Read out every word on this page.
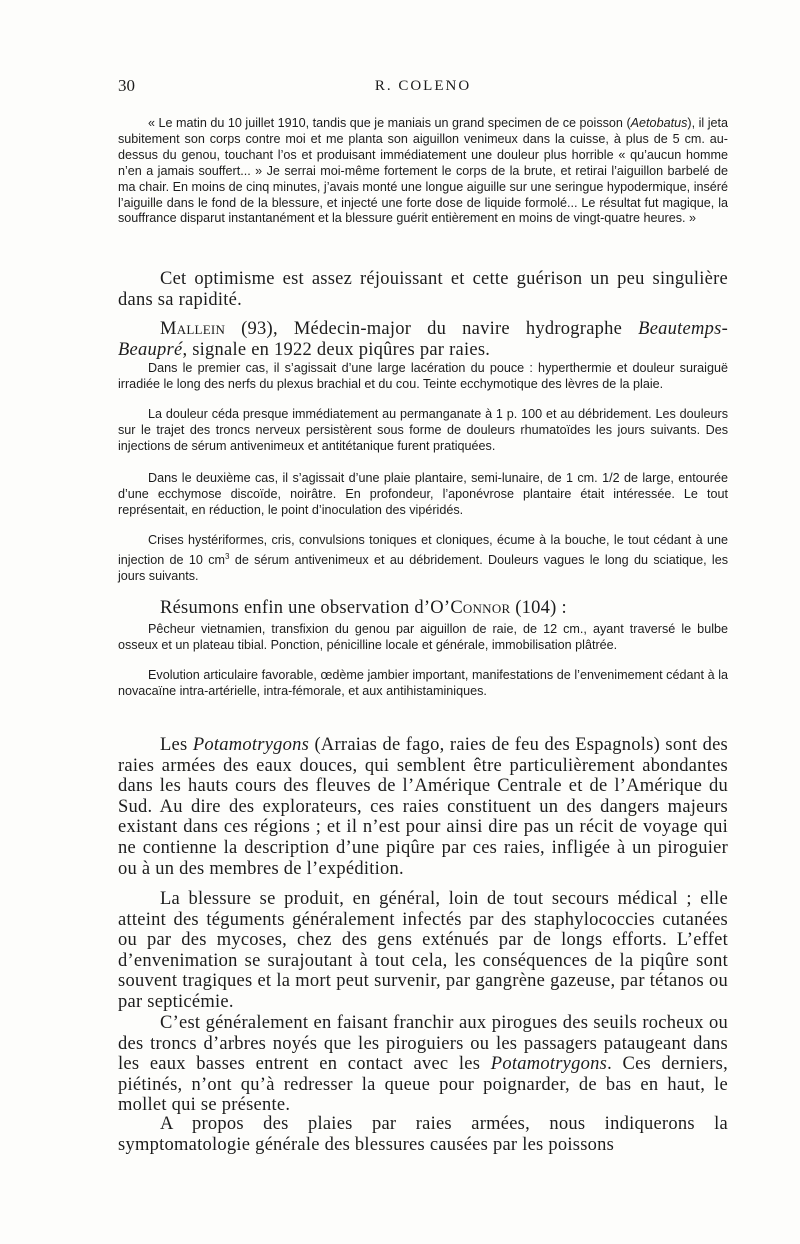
30	R. COLENO

« Le matin du 10 juillet 1910, tandis que je maniais un grand specimen de ce poisson (Aetobatus), il jeta subitement son corps contre moi et me planta son aiguillon venimeux dans la cuisse, à plus de 5 cm. au-dessus du genou, touchant l’os et produisant immédiatement une douleur plus horrible « qu’aucun homme n’en a jamais souffert... » Je serrai moi-même fortement le corps de la brute, et retirai l’aiguillon barbelé de ma chair. En moins de cinq minutes, j’avais monté une longue aiguille sur une seringue hypodermique, inséré l’aiguille dans le fond de la blessure, et injecté une forte dose de liquide formolé... Le résultat fut magique, la souffrance disparut instantanément et la blessure guérit entièrement en moins de vingt-quatre heures. »

Cet optimisme est assez réjouissant et cette guérison un peu singulière dans sa rapidité.

Mallein (93), Médecin-major du navire hydrographe Beautemps-Beaupré, signale en 1922 deux piqûres par raies.

Dans le premier cas, il s’agissait d’une large lacération du pouce : hyperthermie et douleur suraiguë irradiée le long des nerfs du plexus brachial et du cou. Teinte ecchymotique des lèvres de la plaie.

La douleur céda presque immédiatement au permanganate à 1 p. 100 et au débridement. Les douleurs sur le trajet des troncs nerveux persistèrent sous forme de douleurs rhumatoïdes les jours suivants. Des injections de sérum antivenimeux et antitétanique furent pratiquées.

Dans le deuxième cas, il s’agissait d’une plaie plantaire, semi-lunaire, de 1 cm. 1/2 de large, entourée d’une ecchymose discoïde, noirâtre. En profondeur, l’aponévrose plantaire était intéressée. Le tout représentait, en réduction, le point d’inoculation des vipéridés.

Crises hystériformes, cris, convulsions toniques et cloniques, écume à la bouche, le tout cédant à une injection de 10 $cm^3$ de sérum antivenimeux et au débridement. Douleurs vagues le long du sciatique, les jours suivants.

Résumons enfin une observation d’O’Connor (104) :

Pêcheur vietnamien, transfixion du genou par aiguillon de raie, de 12 cm., ayant traversé le bulbe osseux et un plateau tibial. Ponction, pénicilline locale et générale, immobilisation plâtrée.

Evolution articulaire favorable, œdème jambier important, manifestations de l’envenimement cédant à la novacaïne intra-artérielle, intra-fémorale, et aux antihistaminiques.

Les Potamotrygons (Arraias de fago, raies de feu des Espagnols) sont des raies armées des eaux douces, qui semblent être particulièrement abondantes dans les hauts cours des fleuves de l’Amérique Centrale et de l’Amérique du Sud. Au dire des explorateurs, ces raies constituent un des dangers majeurs existant dans ces régions ; et il n’est pour ainsi dire pas un récit de voyage qui ne contienne la description d’une piqûre par ces raies, infligée à un piroguier ou à un des membres de l’expédition.

La blessure se produit, en général, loin de tout secours médical ; elle atteint des téguments généralement infectés par des staphylococcies cutanées ou par des mycoses, chez des gens exténués par de longs efforts. L’effet d’envenimation se surajoutant à tout cela, les conséquences de la piqûre sont souvent tragiques et la mort peut survenir, par gangrène gazeuse, par tétanos ou par septicémie.

C’est généralement en faisant franchir aux pirogues des seuils rocheux ou des troncs d’arbres noyés que les piroguiers ou les passagers pataugeant dans les eaux basses entrent en contact avec les Potamotrygons. Ces derniers, piétinés, n’ont qu’à redresser la queue pour poignarder, de bas en haut, le mollet qui se présente.

A propos des plaies par raies armées, nous indiquerons la symptomatologie générale des blessures causées par les poissons
